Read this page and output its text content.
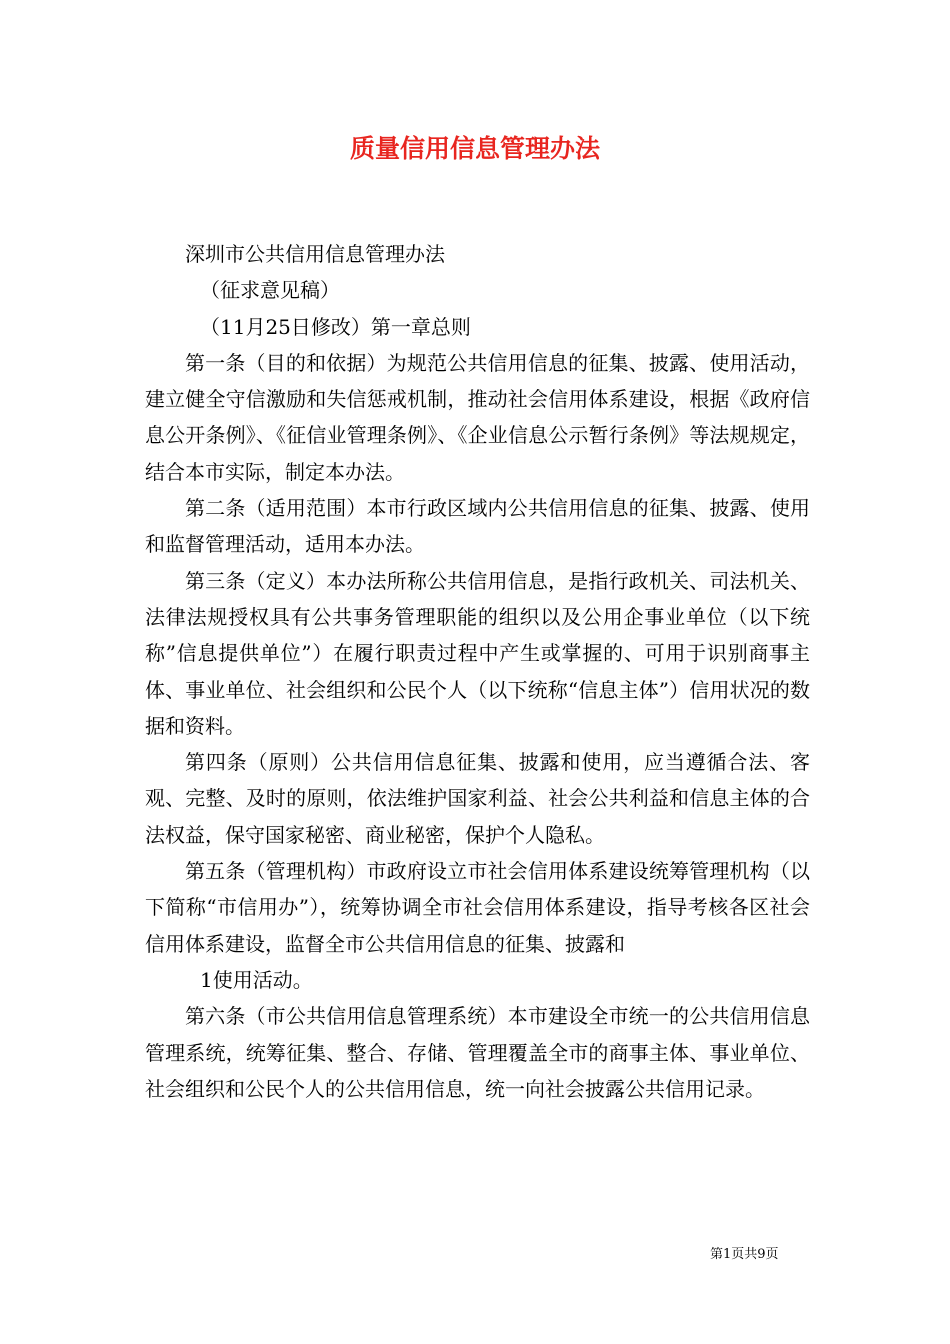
质量信用信息管理办法

深圳市公共信用信息管理办法

（征求意见稿）

（11月25日修改）第一章总则

第一条（目的和依据）为规范公共信用信息的征集、披露、使用活动，建立健全守信激励和失信惩戒机制，推动社会信用体系建设，根据《政府信息公开条例》、《征信业管理条例》、《企业信息公示暂行条例》等法规规定，结合本市实际，制定本办法。

第二条（适用范围）本市行政区域内公共信用信息的征集、披露、使用和监督管理活动，适用本办法。

第三条（定义）本办法所称公共信用信息，是指行政机关、司法机关、法律法规授权具有公共事务管理职能的组织以及公用企事业单位（以下统称”信息提供单位”）在履行职责过程中产生或掌握的、可用于识别商事主体、事业单位、社会组织和公民个人（以下统称“信息主体”）信用状况的数据和资料。

第四条（原则）公共信用信息征集、披露和使用，应当遵循合法、客观、完整、及时的原则，依法维护国家利益、社会公共利益和信息主体的合法权益，保守国家秘密、商业秘密，保护个人隐私。

第五条（管理机构）市政府设立市社会信用体系建设统筹管理机构（以下简称“市信用办”），统筹协调全市社会信用体系建设，指导考核各区社会信用体系建设，监督全市公共信用信息的征集、披露和

1使用活动。

第六条（市公共信用信息管理系统）本市建设全市统一的公共信用信息管理系统，统筹征集、整合、存储、管理覆盖全市的商事主体、事业单位、社会组织和公民个人的公共信用信息，统一向社会披露公共信用记录。

第1页共9页
